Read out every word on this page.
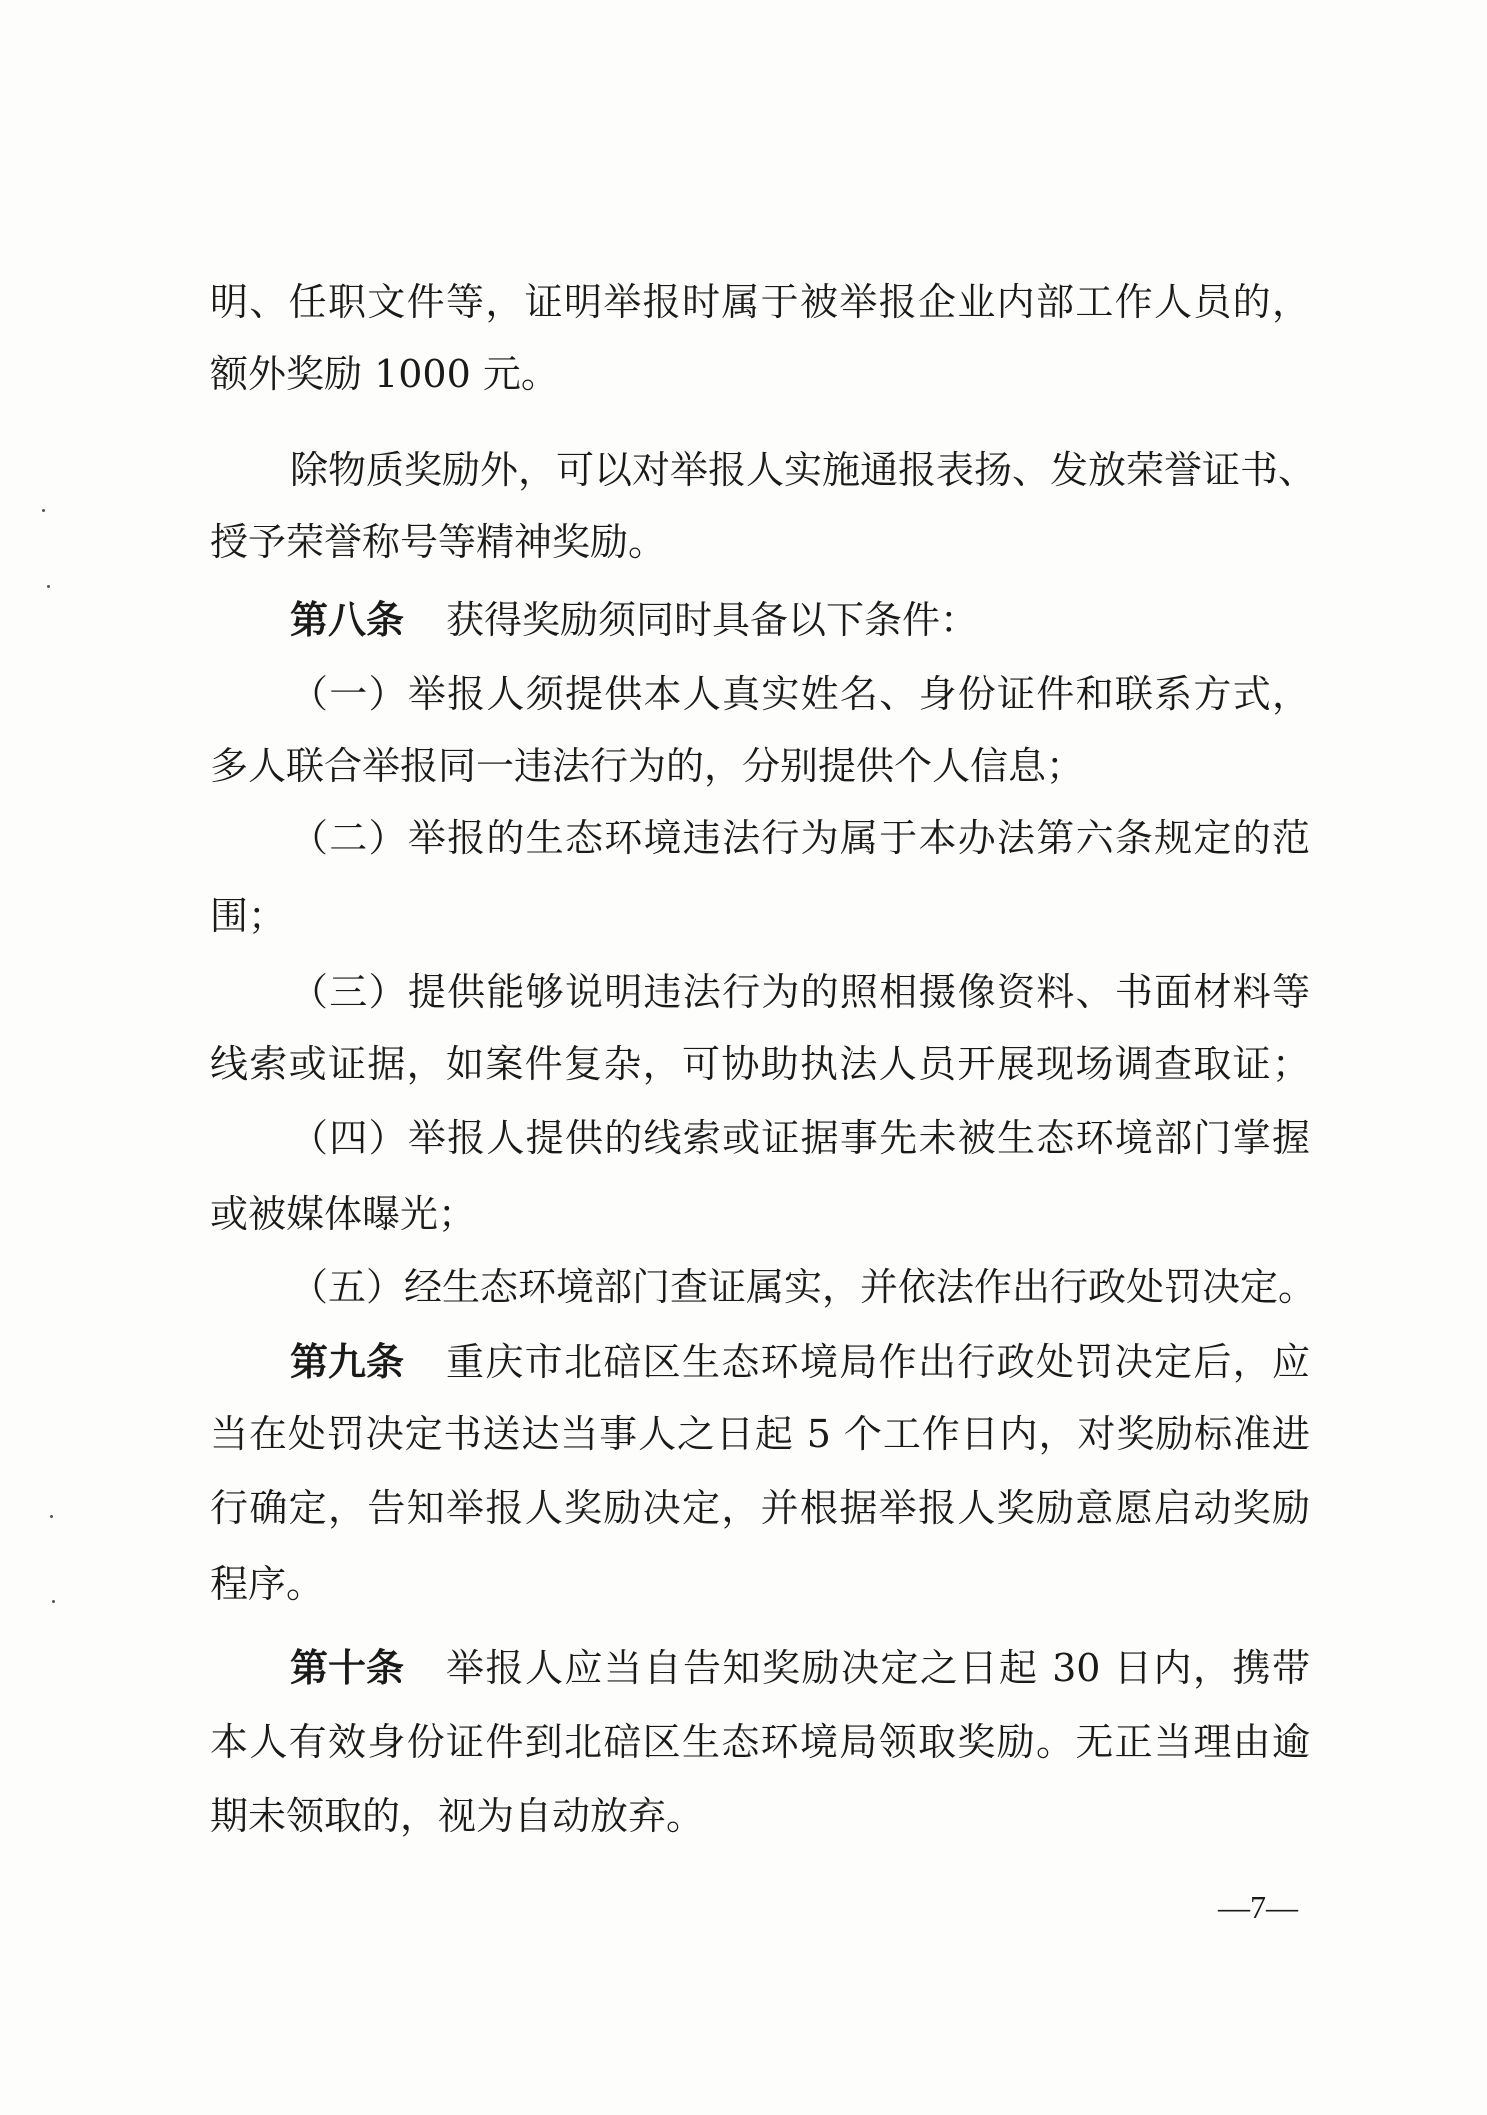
明、任职文件等，证明举报时属于被举报企业内部工作人员的，
额外奖励 1000 元。
除物质奖励外，可以对举报人实施通报表扬、发放荣誉证书、
授予荣誉称号等精神奖励。
第八条 获得奖励须同时具备以下条件：
（一）举报人须提供本人真实姓名、身份证件和联系方式，
多人联合举报同一违法行为的，分别提供个人信息；
（二）举报的生态环境违法行为属于本办法第六条规定的范
围；
（三）提供能够说明违法行为的照相摄像资料、书面材料等
线索或证据，如案件复杂，可协助执法人员开展现场调查取证；
（四）举报人提供的线索或证据事先未被生态环境部门掌握
或被媒体曝光；
（五）经生态环境部门查证属实，并依法作出行政处罚决定。
第九条 重庆市北碚区生态环境局作出行政处罚决定后，应
当在处罚决定书送达当事人之日起 5 个工作日内，对奖励标准进
行确定，告知举报人奖励决定，并根据举报人奖励意愿启动奖励
程序。
第十条 举报人应当自告知奖励决定之日起 30 日内，携带
本人有效身份证件到北碚区生态环境局领取奖励。无正当理由逾
期未领取的，视为自动放弃。
—7—
